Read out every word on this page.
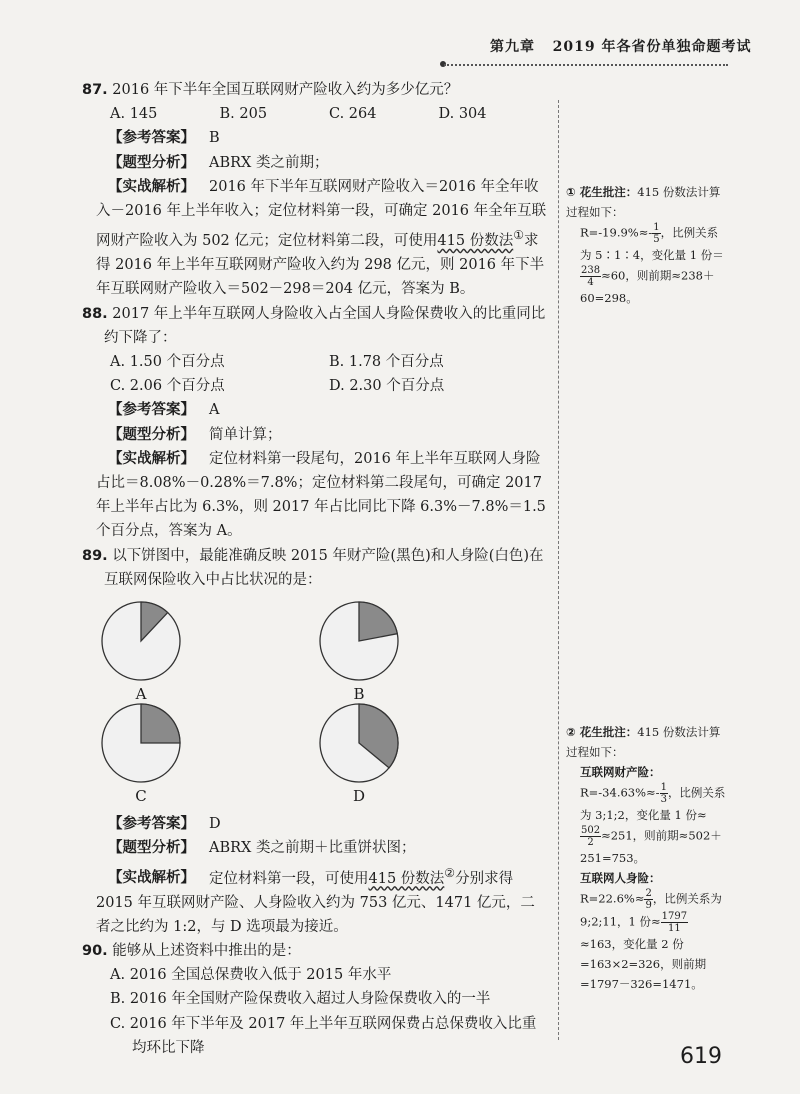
第九章 2019 年各省份单独命题考试

87. 2016 年下半年全国互联网财产险收入约为多少亿元？

A. 145	B. 205	C. 264	D. 304

【参考答案】 B

【题型分析】 ABRX 类之前期；

【实战解析】 2016 年下半年互联网财产险收入＝2016 年全年收入－2016 年上半年收入；定位材料第一段，可确定 2016 年全年互联网财产险收入为 502 亿元；定位材料第二段，可使用415 份数法①求得 2016 年上半年互联网财产险收入约为 298 亿元，则 2016 年下半年互联网财产险收入＝502－298＝204 亿元，答案为 B。

88. 2017 年上半年互联网人身险收入占全国人身险保费收入的比重同比约下降了：

A. 1.50 个百分点	B. 1.78 个百分点
C. 2.06 个百分点	D. 2.30 个百分点

【参考答案】 A

【题型分析】 简单计算；

【实战解析】 定位材料第一段尾句，2016 年上半年互联网人身险占比＝8.08%－0.28%＝7.8%；定位材料第二段尾句，可确定 2017 年上半年占比为 6.3%，则 2017 年占比同比下降 6.3%－7.8%＝1.5 个百分点，答案为 A。

89. 以下饼图中，最能准确反映 2015 年财产险(黑色)和人身险(白色)在互联网保险收入中占比状况的是：

A	B
C	D

【参考答案】 D

【题型分析】 ABRX 类之前期＋比重饼状图；

【实战解析】 定位材料第一段，可使用415 份数法②分别求得 2015 年互联网财产险、人身险收入约为 753 亿元、1471 亿元，二者之比约为 1:2，与 D 选项最为接近。

90. 能够从上述资料中推出的是：

A. 2016 全国总保费收入低于 2015 年水平

B. 2016 年全国财产险保费收入超过人身险保费收入的一半

C. 2016 年下半年及 2017 年上半年互联网保费占总保费收入比重均环比下降

① 花生批注：415 份数法计算过程如下：
$R=-19.9\%\approx- \frac{1}{5}$ ，比例关系为 5∶1∶4，变化量 1 份＝
$\frac{238}{4} \approx 60$，则前期≈238＋60=298。
② 花生批注：415 份数法计算过程如下：
互联网财产险：
$R=-34.63\%\approx- \frac{1}{3}$ ，比例关系为 3;1;2，变化量 1 份≈
$\frac{502}{2} \approx 251$，则前期≈502＋251=753。
互联网人身险：
$R=22.6\%\approx \frac{2}{9}$ ，比例关系为 9;2;11，1 份≈ $\frac{1797}{11}$
≈163，变化量 2 份=163×2=326，则前期=1797－326=1471。
619
